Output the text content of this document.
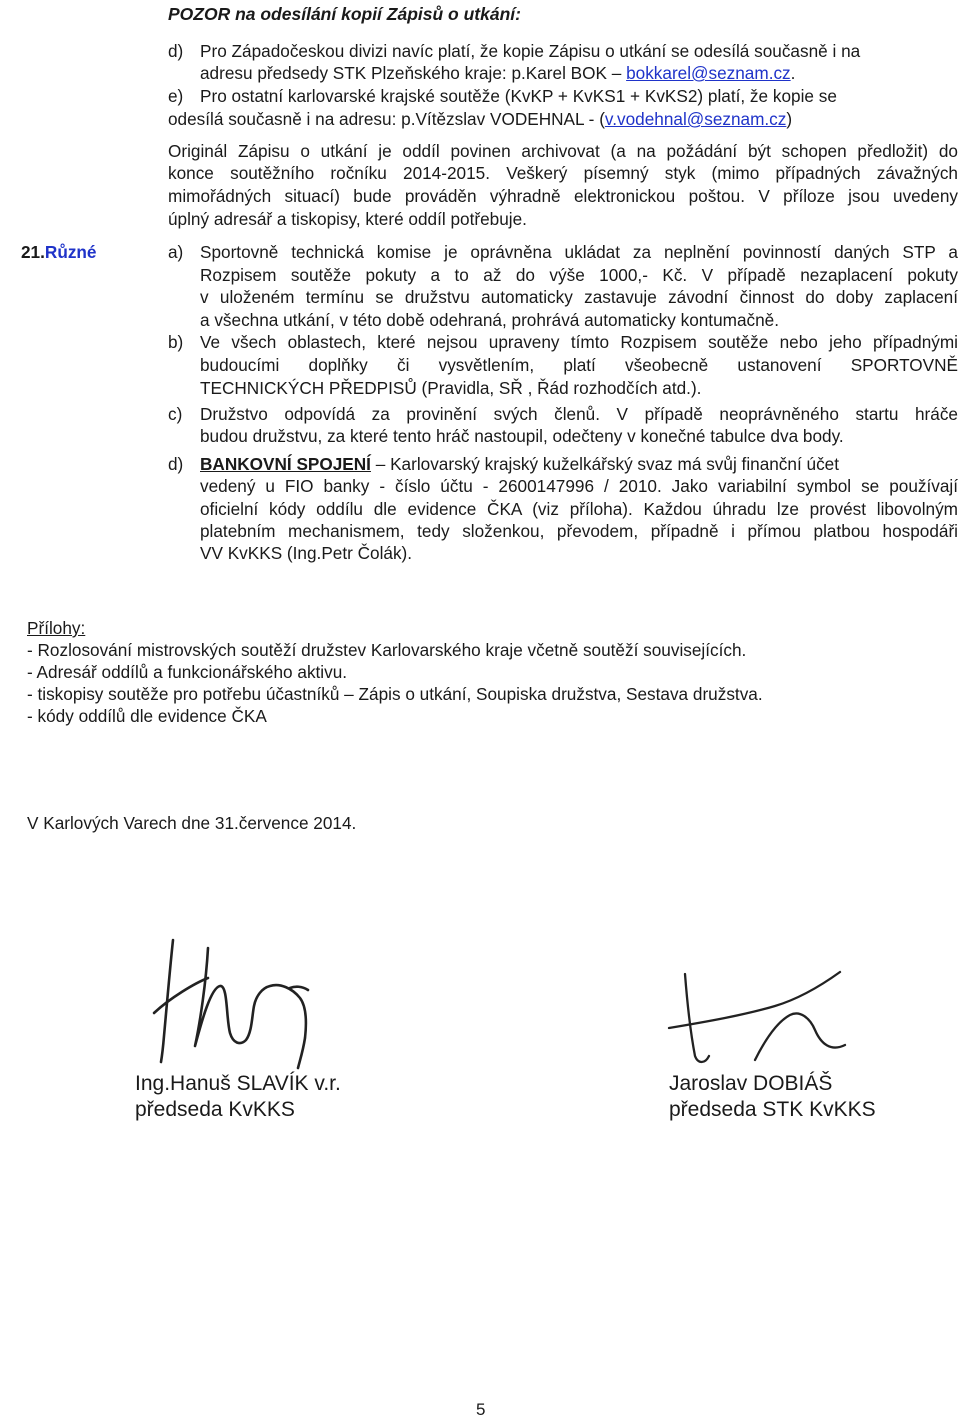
POZOR na odesílání kopií Zápisů o utkání:
d) Pro Západočeskou divizi navíc platí, že kopie Zápisu o utkání se odesílá současně i na
adresu předsedy STK Plzeňského kraje: p.Karel BOK – bokkarel@seznam.cz.
e) Pro ostatní karlovarské krajské soutěže (KvKP + KvKS1 + KvKS2) platí, že kopie se
odesílá současně i na adresu: p.Vítězslav VODEHNAL - (v.vodehnal@seznam.cz)
Originál Zápisu o utkání je oddíl povinen archivovat (a na požádání být schopen předložit) do
konce soutěžního ročníku 2014-2015. Veškerý písemný styk (mimo případných závažných
mimořádných situací) bude prováděn výhradně elektronickou poštou. V příloze jsou uvedeny
úplný adresář a tiskopisy, které oddíl potřebuje.
21.Různé	a) Sportovně technická komise je oprávněna ukládat za neplnění povinností daných STP a
Rozpisem soutěže pokuty a to až do výše 1000,- Kč. V případě nezaplacení pokuty
v uloženém termínu se družstvu automaticky zastavuje závodní činnost do doby zaplacení
a všechna utkání, v této době odehraná, prohrává automaticky kontumačně.
b) Ve všech oblastech, které nejsou upraveny tímto Rozpisem soutěže nebo jeho případnými
budoucími doplňky či vysvětlením, platí všeobecně ustanovení SPORTOVNĚ
TECHNICKÝCH PŘEDPISŮ (Pravidla, SŘ , Řád rozhodčích atd.).
c) Družstvo odpovídá za provinění svých členů. V případě neoprávněného startu hráče
budou družstvu, za které tento hráč nastoupil, odečteny v konečné tabulce dva body.
d) BANKOVNÍ SPOJENÍ – Karlovarský krajský kuželkářský svaz má svůj finanční účet
vedený u FIO banky - číslo účtu - 2600147996 / 2010. Jako variabilní symbol se používají
oficielní kódy oddílu dle evidence ČKA (viz příloha). Každou úhradu lze provést libovolným
platebním mechanismem, tedy složenkou, převodem, případně i přímou platbou hospodáři
VV KvKKS (Ing.Petr Čolák).
Přílohy:
- Rozlosování mistrovských soutěží družstev Karlovarského kraje včetně soutěží souvisejících.
- Adresář oddílů a funkcionářského aktivu.
- tiskopisy soutěže pro potřebu účastníků – Zápis o utkání, Soupiska družstva, Sestava družstva.
- kódy oddílů dle evidence ČKA
V Karlových Varech dne 31.července 2014.
Ing.Hanuš SLAVÍK v.r.
předseda KvKKS
Jaroslav DOBIÁŠ
předseda STK KvKKS
5
